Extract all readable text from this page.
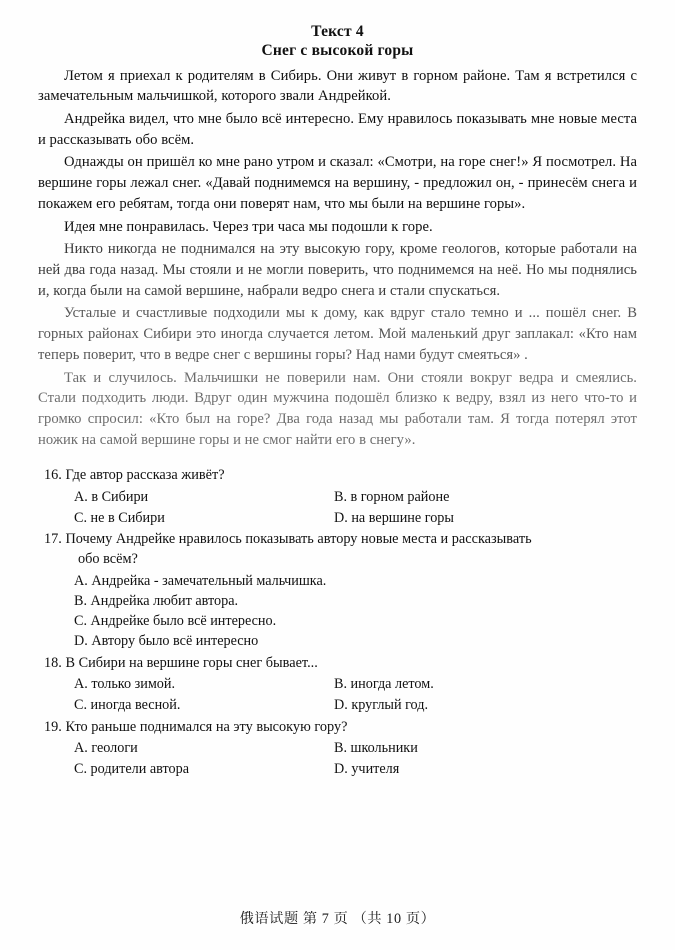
Текст 4
Снег с высокой горы

Летом я приехал к родителям в Сибирь. Они живут в горном районе. Там я встретился с замечательным мальчишкой, которого звали Андрейкой.

Андрейка видел, что мне было всё интересно. Ему нравилось показывать мне новые места и рассказывать обо всём.

Однажды он пришёл ко мне рано утром и сказал: «Смотри, на горе снег!» Я посмотрел. На вершине горы лежал снег. «Давай поднимемся на вершину, - предложил он, - принесём снега и покажем его ребятам, тогда они поверят нам, что мы были на вершине горы».

Идея мне понравилась. Через три часа мы подошли к горе.

Никто никогда не поднимался на эту высокую гору, кроме геологов, которые работали на ней два года назад. Мы стояли и не могли поверить, что поднимемся на неё. Но мы поднялись и, когда были на самой вершине, набрали ведро снега и стали спускаться.

Усталые и счастливые подходили мы к дому, как вдруг стало темно и ... пошёл снег. В горных районах Сибири это иногда случается летом. Мой маленький друг заплакал: «Кто нам теперь поверит, что в ведре снег с вершины горы? Над нами будут смеяться» .

Так и случилось. Мальчишки не поверили нам. Они стояли вокруг ведра и смеялись. Стали подходить люди. Вдруг один мужчина подошёл близко к ведру, взял из него что-то и громко спросил: «Кто был на горе? Два года назад мы работали там. Я тогда потерял этот ножик на самой вершине горы и не смог найти его в снегу».

16. Где автор рассказа живёт?

A. в Сибири	B. в горном районе
C. не в Сибири	D. на вершине горы

17. Почему Андрейке нравилось показывать автору новые места и рассказывать
обо всём?

A. Андрейка - замечательный мальчишка.
B. Андрейка любит автора.
C. Андрейке было всё интересно.
D. Автору было всё интересно

18. В Сибири на вершине горы снег бывает...

A. только зимой.	B. иногда летом.
C. иногда весной.	D. круглый год.

19. Кто раньше поднимался на эту высокую гору?

A. геологи	B. школьники
C. родители автора	D. учителя
俄语试题 第 7 页 （共 10 页）
